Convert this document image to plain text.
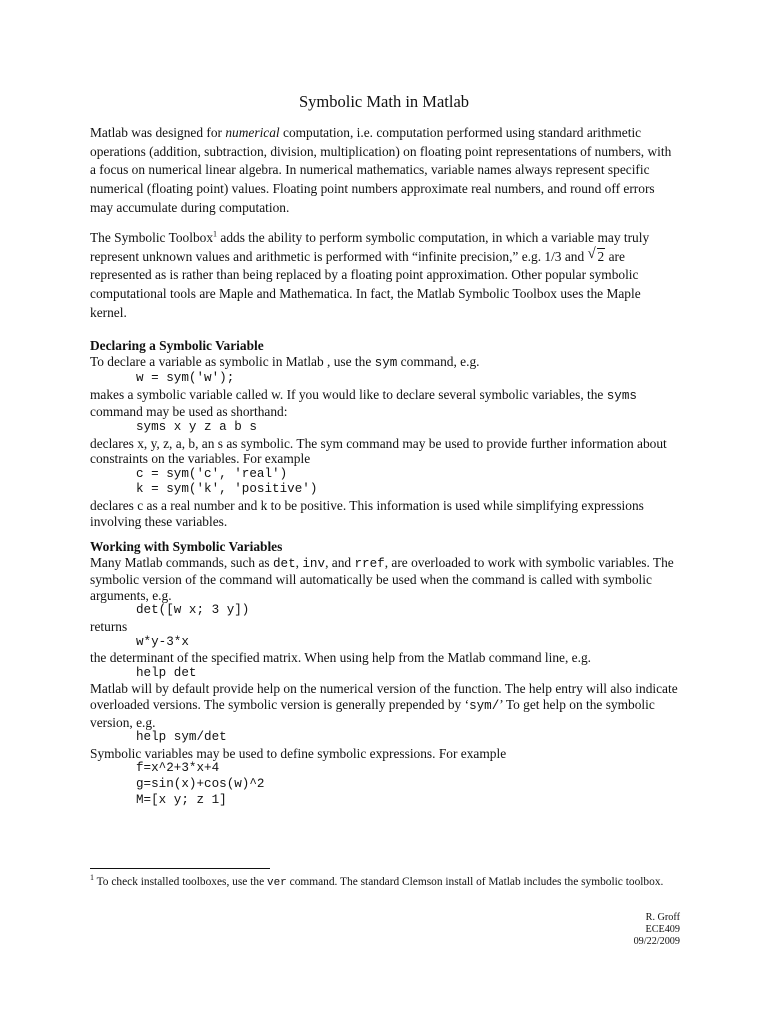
Symbolic Math in Matlab

Matlab was designed for numerical computation, i.e. computation performed using standard arithmetic operations (addition, subtraction, division, multiplication) on floating point representations of numbers, with a focus on numerical linear algebra. In numerical mathematics, variable names always represent specific numerical (floating point) values. Floating point numbers approximate real numbers, and round off errors may accumulate during computation.

The Symbolic Toolbox$^1$ adds the ability to perform symbolic computation, in which a variable may truly represent unknown values and arithmetic is performed with “infinite precision,” e.g. 1/3 and √ 2 are represented as is rather than being replaced by a floating point approximation. Other popular symbolic computational tools are Maple and Mathematica. In fact, the Matlab Symbolic Toolbox uses the Maple kernel.

Declaring a Symbolic Variable

To declare a variable as symbolic in Matlab , use the sym command, e.g.

w = sym('w');

makes a symbolic variable called w. If you would like to declare several symbolic variables, the syms command may be used as shorthand:

syms x y z a b s

declares x, y, z, a, b, an s as symbolic. The sym command may be used to provide further information about constraints on the variables. For example

c = sym('c', 'real')
k = sym('k', 'positive')

declares c as a real number and k to be positive. This information is used while simplifying expressions involving these variables.

Working with Symbolic Variables

Many Matlab commands, such as det, inv, and rref, are overloaded to work with symbolic variables. The symbolic version of the command will automatically be used when the command is called with symbolic arguments, e.g.

det([w x; 3 y])

returns

w*y-3*x

the determinant of the specified matrix. When using help from the Matlab command line, e.g.

help det

Matlab will by default provide help on the numerical version of the function. The help entry will also indicate overloaded versions. The symbolic version is generally prepended by ‘sym/’ To get help on the symbolic version, e.g.

help sym/det

Symbolic variables may be used to define symbolic expressions. For example

f=x^2+3*x+4
g=sin(x)+cos(w)^2
M=[x y; z 1]
$^1$ To check installed toolboxes, use the ver command. The standard Clemson install of Matlab includes the symbolic toolbox.
R. Groff
ECE409
09/22/2009
